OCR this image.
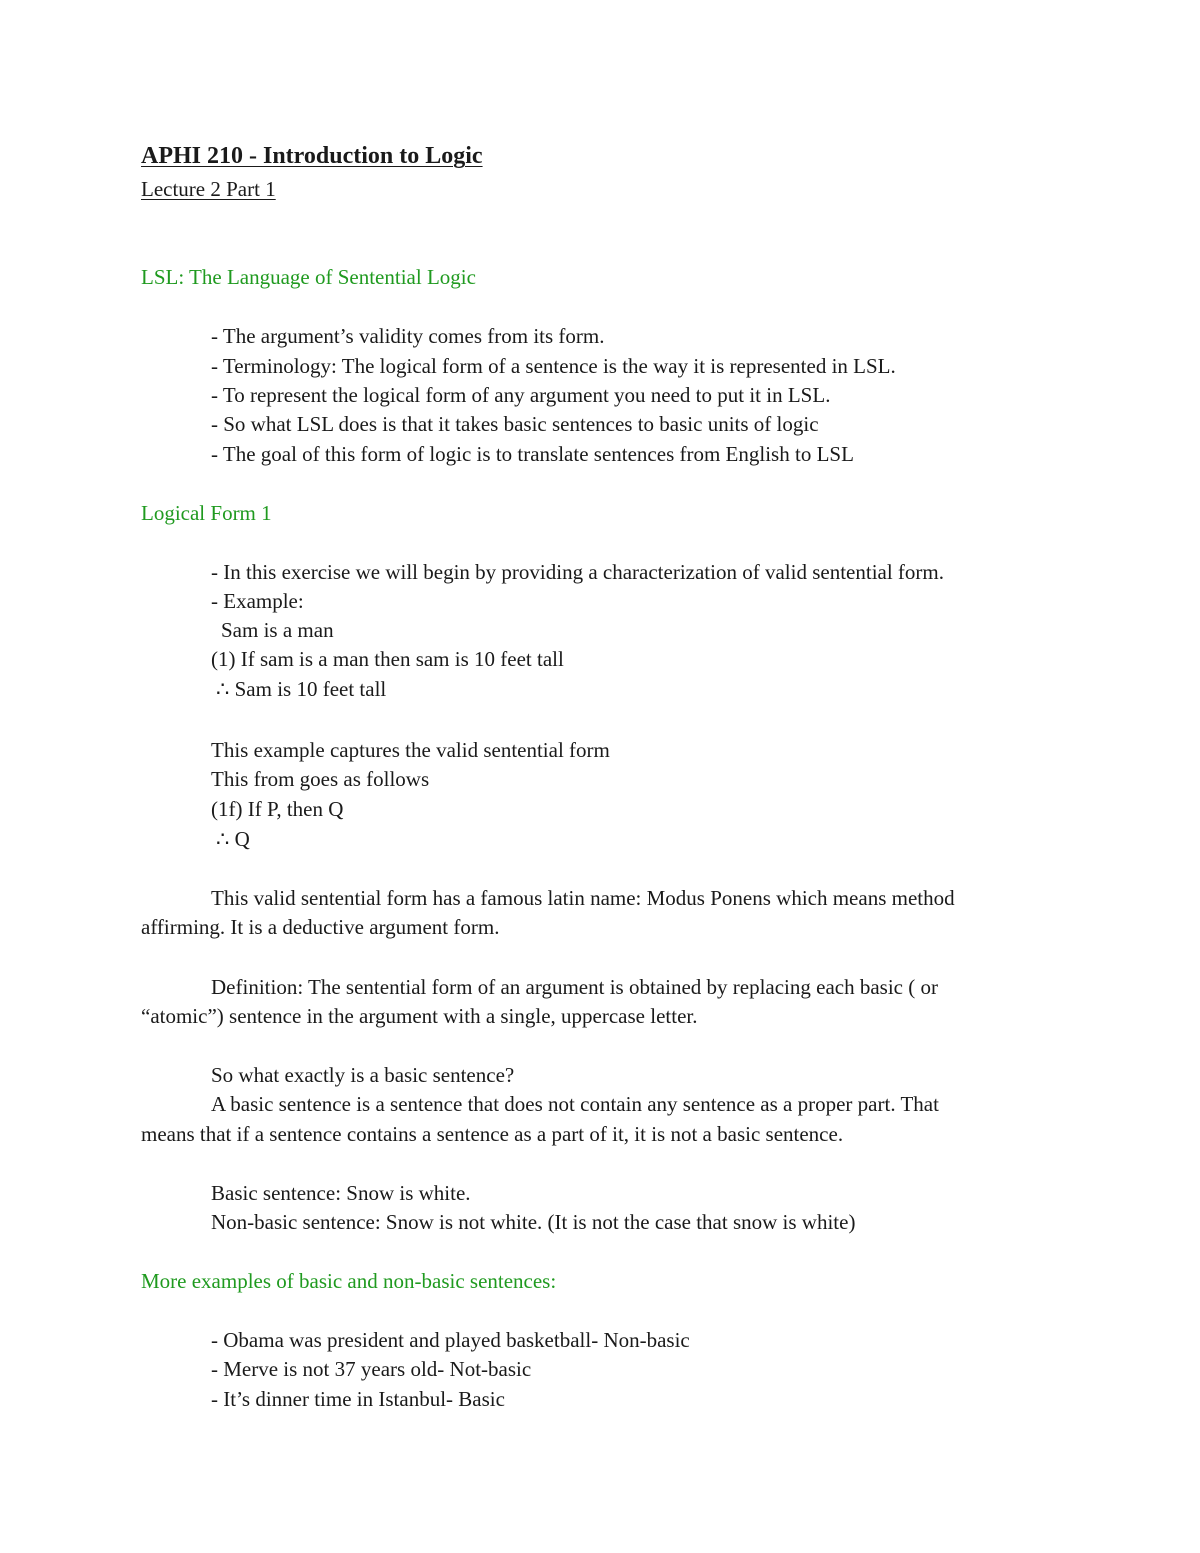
APHI 210 - Introduction to Logic
Lecture 2 Part 1
LSL: The Language of Sentential Logic
- The argument’s validity comes from its form.
- Terminology: The logical form of a sentence is the way it is represented in LSL.
- To represent the logical form of any argument you need to put it in LSL.
- So what LSL does is that it takes basic sentences to basic units of logic
- The goal of this form of logic is to translate sentences from English to LSL
Logical Form 1
- In this exercise we will begin by providing a characterization of valid sentential form.
- Example:
Sam is a man
(1) If sam is a man then sam is 10 feet tall
∴ Sam is 10 feet tall
This example captures the valid sentential form
This from goes as follows
(1f) If P, then Q
∴ Q
This valid sentential form has a famous latin name: Modus Ponens which means method
affirming. It is a deductive argument form.
Definition: The sentential form of an argument is obtained by replacing each basic ( or
“atomic”) sentence in the argument with a single, uppercase letter.
So what exactly is a basic sentence?
A basic sentence is a sentence that does not contain any sentence as a proper part. That
means that if a sentence contains a sentence as a part of it, it is not a basic sentence.
Basic sentence: Snow is white.
Non-basic sentence: Snow is not white. (It is not the case that snow is white)
More examples of basic and non-basic sentences:
- Obama was president and played basketball- Non-basic
- Merve is not 37 years old- Not-basic
- It’s dinner time in Istanbul- Basic
